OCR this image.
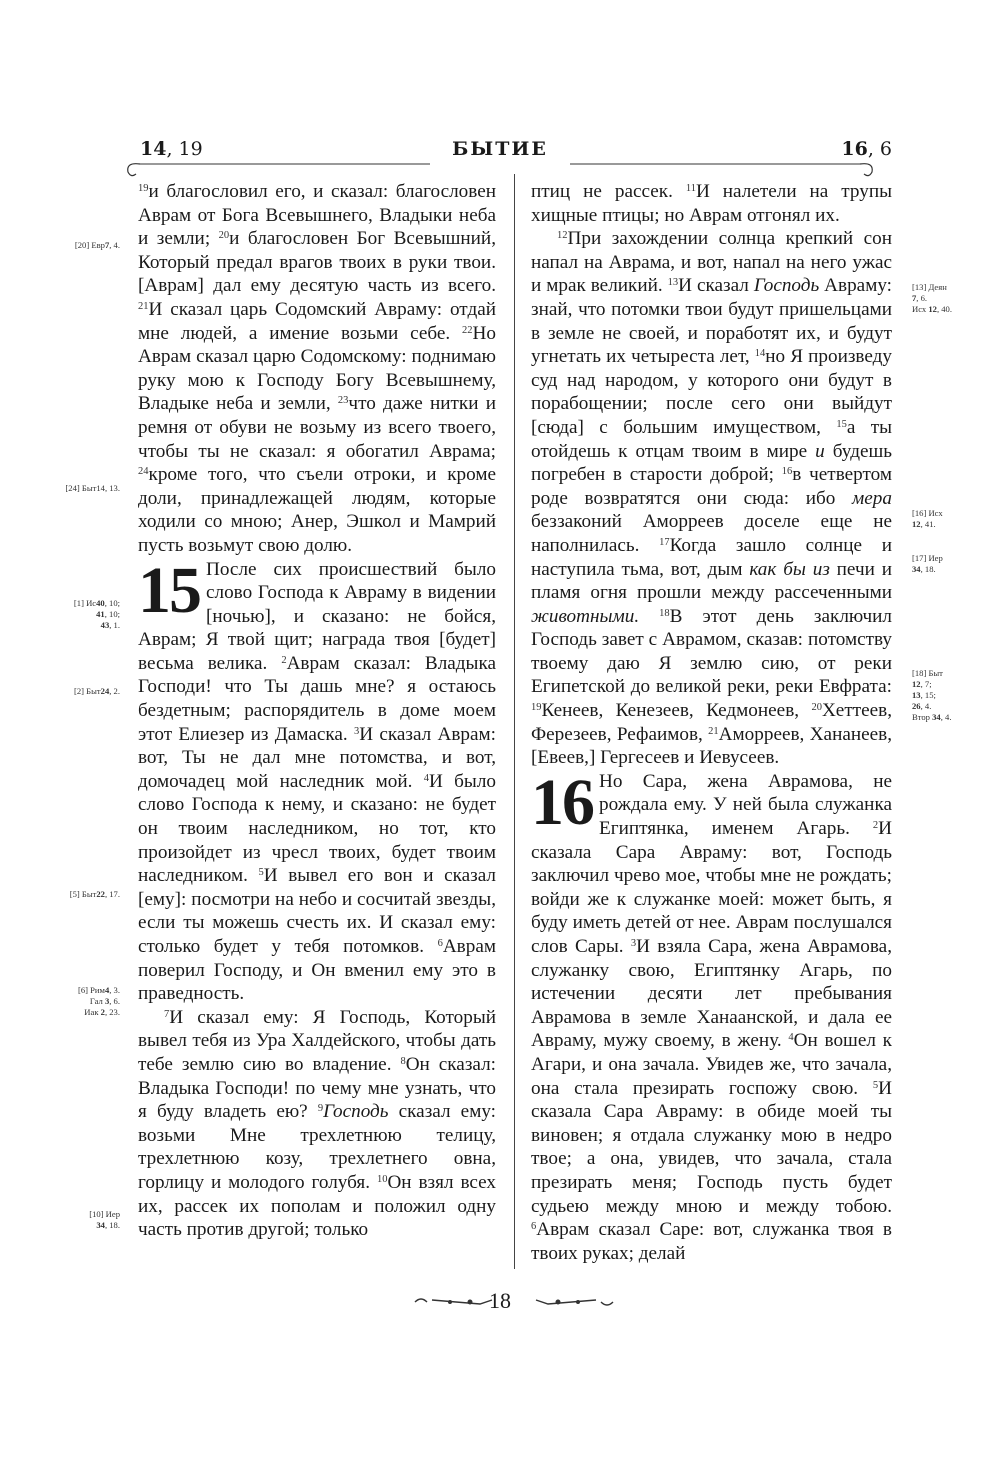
14, 19	БЫТИЕ	16, 6
[20] Евр7, 4.
[24] Быт14, 13.
[1] Ис40, 10;
41, 10;
43, 1.
[2] Быт24, 2.
[5] Быт22, 17.
[6] Рим4, 3.
Гал 3, 6.
Иак 2, 23.
[10] Иер
34, 18.
[13] Деян
7, 6.
Исх 12, 40.
[16] Исх
12, 41.
[17] Иер
34, 18.
[18] Быт
12, 7;
13, 15;
26, 4.
Втор 34, 4.

$^{19}$и благословил его, и сказал: благословен Аврам от Бога Всевышнего, Владыки неба и земли; $^{20}$и благословен Бог Всевышний, Который предал врагов твоих в руки твои. [Аврам] дал ему десятую часть из всего. $^{21}$И сказал царь Содомский Авраму: отдай мне людей, а имение возьми себе. $^{22}$Но Аврам сказал царю Содомскому: поднимаю руку мою к Господу Богу Всевышнему, Владыке неба и земли, $^{23}$что даже нитки и ремня от обуви не возьму из всего твоего, чтобы ты не сказал: я обогатил Аврама; $^{24}$кроме того, что съели отроки, и кроме доли, принадлежащей людям, которые ходили со мною; Анер, Эшкол и Мамрий пусть возьмут свою долю.

15 После сих происшествий было слово Господа к Авраму в видении [ночью], и сказано: не бойся, Аврам; Я твой щит; награда твоя [будет] весьма велика. $^2$Аврам сказал: Владыка Господи! что Ты дашь мне? я остаюсь бездетным; распорядитель в доме моем этот Елиезер из Дамаска. $^3$И сказал Аврам: вот, Ты не дал мне потомства, и вот, домочадец мой наследник мой. $^4$И было слово Господа к нему, и сказано: не будет он твоим наследником, но тот, кто произойдет из чресл твоих, будет твоим наследником. $^5$И вывел его вон и сказал [ему]: посмотри на небо и сосчитай звезды, если ты можешь счесть их. И сказал ему: столько будет у тебя потомков. $^6$Аврам поверил Господу, и Он вменил ему это в праведность.

$^7$И сказал ему: Я Господь, Который вывел тебя из Ура Халдейского, чтобы дать тебе землю сию во владение. $^8$Он сказал: Владыка Господи! по чему мне узнать, что я буду владеть ею? $^9$Господь сказал ему: возьми Мне трехлетнюю телицу, трехлетнюю козу, трехлетнего овна, горлицу и молодого голубя. $^{10}$Он взял всех их, рассек их пополам и положил одну часть против другой; только

птиц не рассек. $^{11}$И налетели на трупы хищные птицы; но Аврам отгонял их.

$^{12}$При захождении солнца крепкий сон напал на Аврама, и вот, напал на него ужас и мрак великий. $^{13}$И сказал Господь Авраму: знай, что потомки твои будут пришельцами в земле не своей, и поработят их, и будут угнетать их четыреста лет, $^{14}$но Я произведу суд над народом, у которого они будут в порабощении; после сего они выйдут [сюда] с большим имуществом, $^{15}$а ты отойдешь к отцам твоим в мире и будешь погребен в старости доброй; $^{16}$в четвертом роде возвратятся они сюда: ибо мера беззаконий Аморреев доселе еще не наполнилась. $^{17}$Когда зашло солнце и наступила тьма, вот, дым как бы из печи и пламя огня прошли между рассеченными животными. $^{18}$В этот день заключил Господь завет с Аврамом, сказав: потомству твоему даю Я землю сию, от реки Египетской до великой реки, реки Евфрата: $^{19}$Кенеев, Кенезеев, Кедмонеев, $^{20}$Хеттеев, Ферезеев, Рефаимов, $^{21}$Аморреев, Хананеев, [Евеев,] Гергесеев и Иевусеев.

16 Но Сара, жена Аврамова, не рождала ему. У ней была служанка Египтянка, именем Агарь. $^2$И сказала Сара Авраму: вот, Господь заключил чрево мое, чтобы мне не рождать; войди же к служанке моей: может быть, я буду иметь детей от нее. Аврам послушался слов Сары. $^3$И взяла Сара, жена Аврамова, служанку свою, Египтянку Агарь, по истечении десяти лет пребывания Аврамова в земле Ханаанской, и дала ее Авраму, мужу своему, в жену. $^4$Он вошел к Агари, и она зачала. Увидев же, что зачала, она стала презирать госпожу свою. $^5$И сказала Сара Авраму: в обиде моей ты виновен; я отдала служанку мою в недро твое; а она, увидев, что зачала, стала презирать меня; Господь пусть будет судьею между мною и между тобою. $^6$Аврам сказал Саре: вот, служанка твоя в твоих руках; делай

18
